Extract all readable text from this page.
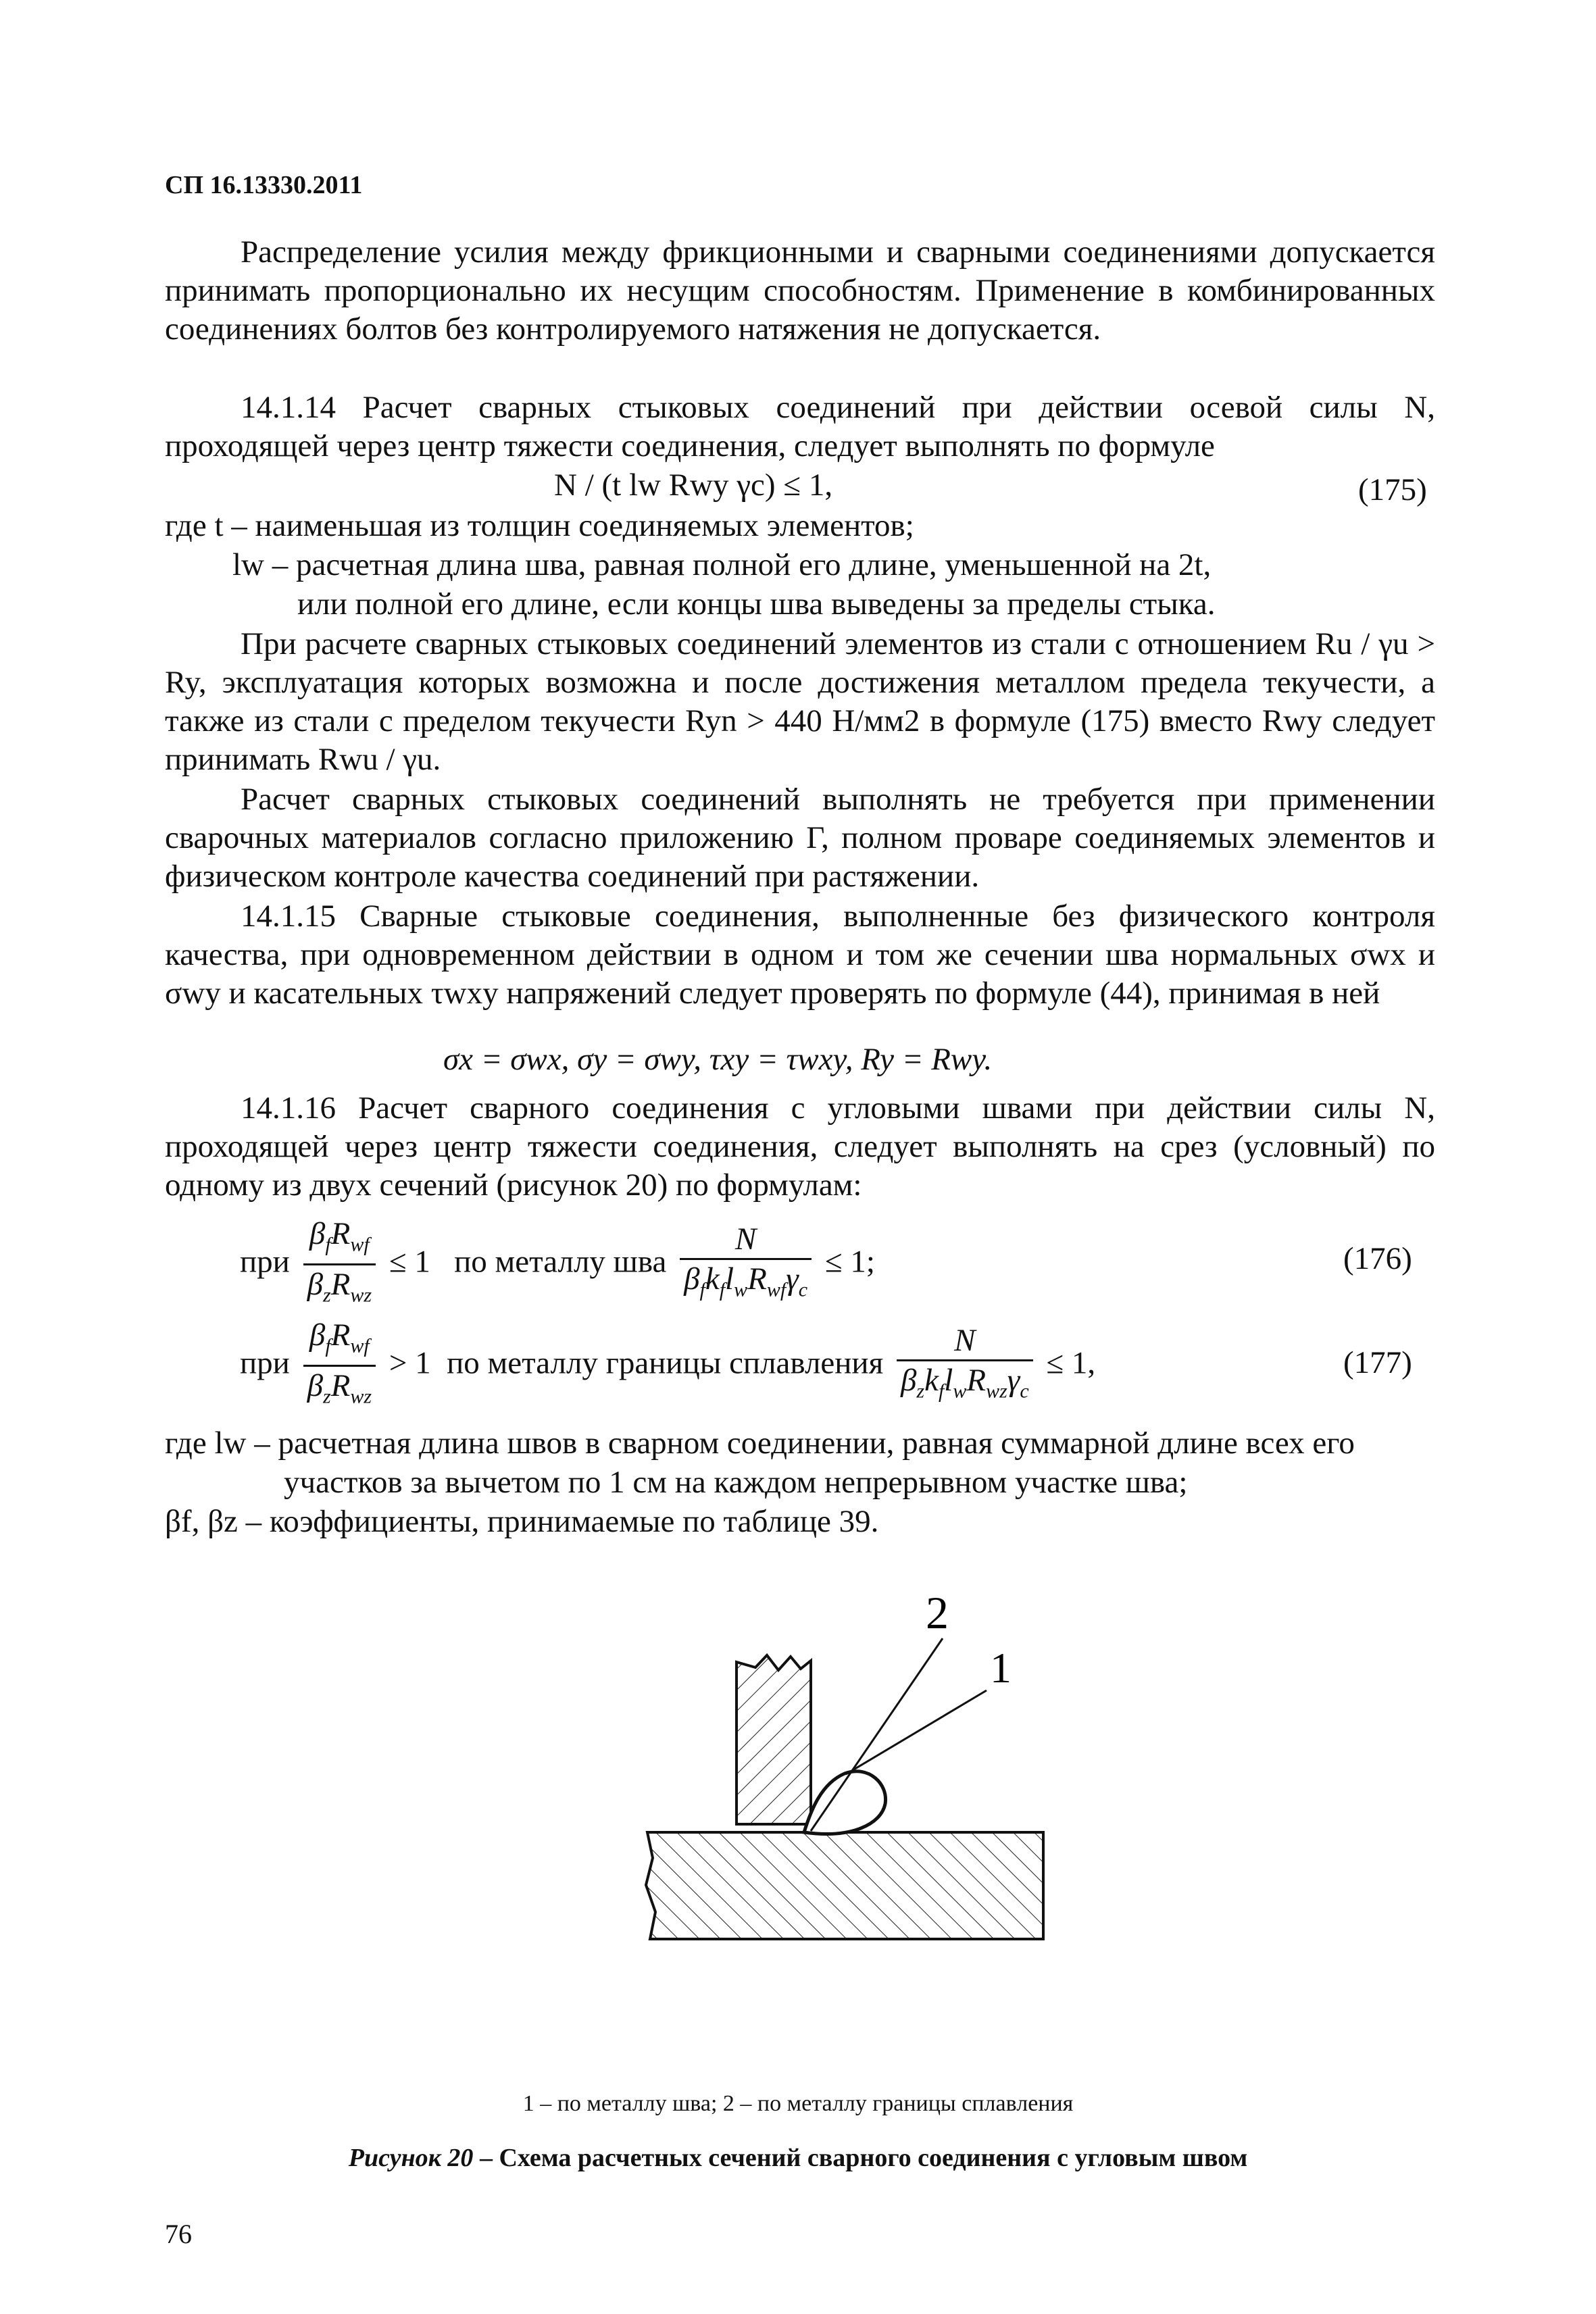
СП 16.13330.2011

Распределение усилия между фрикционными и сварными соединениями допускается принимать пропорционально их несущим способностям. Применение в комбинированных соединениях болтов без контролируемого натяжения не допускается.

14.1.14 Расчет сварных стыковых соединений при действии осевой силы N, проходящей через центр тяжести соединения, следует выполнять по формуле

N / (t lw Rwy γc) ≤ 1,	(175)
где t – наименьшая из толщин соединяемых элементов;
lw – расчетная длина шва, равная полной его длине, уменьшенной на 2t,
или полной его длине, если концы шва выведены за пределы стыка.

При расчете сварных стыковых соединений элементов из стали с отношением Ru / γu > Ry, эксплуатация которых возможна и после достижения металлом предела текучести, а также из стали с пределом текучести Ryn > 440 Н/мм2 в формуле (175) вместо Rwy следует принимать Rwu / γu.

Расчет сварных стыковых соединений выполнять не требуется при применении сварочных материалов согласно приложению Г, полном проваре соединяемых элементов и физическом контроле качества соединений при растяжении.

14.1.15 Сварные стыковые соединения, выполненные без физического контроля качества, при одновременном действии в одном и том же сечении шва нормальных σwx и σwy и касательных τwxy напряжений следует проверять по формуле (44), принимая в ней

σx = σwx, σy = σwy, τxy = τwxy, Ry = Rwy.

14.1.16 Расчет сварного соединения с угловыми швами при действии силы N, проходящей через центр тяжести соединения, следует выполнять на срез (условный) по одному из двух сечений (рисунок 20) по формулам:

при $\frac{\beta_fR_{wf}}{\beta_zR_{wz}} \le 1$ по металлу шва $\frac{N}{\beta_fk_fl_wR_{wf}\gamma_c} \le 1$;	(176)
при $\frac{\beta_fR_{wf}}{\beta_zR_{wz}} > 1$ по металлу границы сплавления $\frac{N}{\beta_zk_fl_wR_{wz}\gamma_c} \le 1$,	(177)
где lw – расчетная длина швов в сварном соединении, равная суммарной длине всех его
участков за вычетом по 1 см на каждом непрерывном участке шва;
βf, βz – коэффициенты, принимаемые по таблице 39.
2
1
1 – по металлу шва; 2 – по металлу границы сплавления
Рисунок 20 – Схема расчетных сечений сварного соединения с угловым швом
76
